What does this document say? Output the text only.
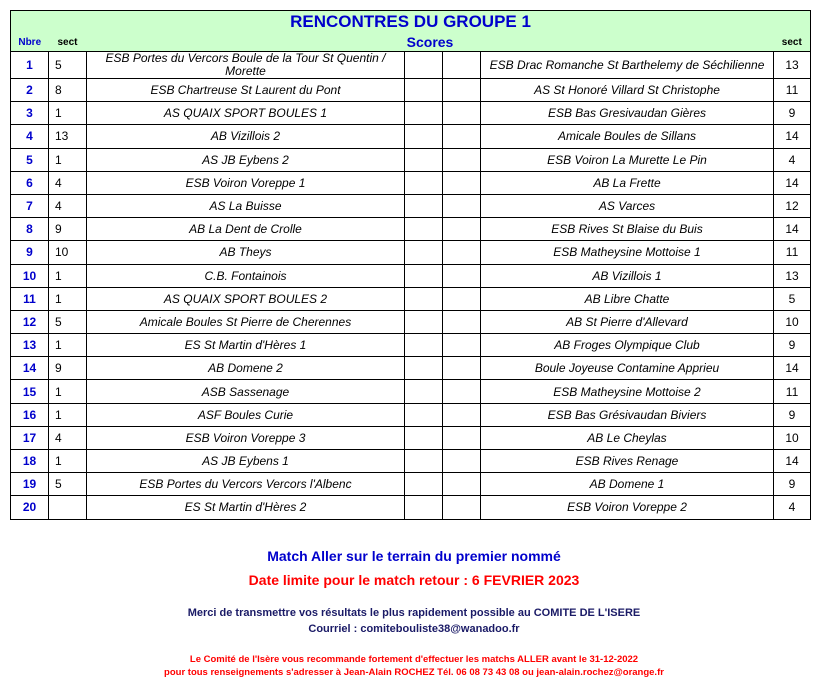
RENCONTRES DU GROUPE 1						
Nbre	sect	Scores				sect
1	5	ESB Portes du Vercors Boule de la Tour St Quentin / Morette			ESB Drac Romanche St Barthelemy de Séchilienne	13
2	8	ESB Chartreuse St Laurent du Pont			AS St Honoré Villard St Christophe	11
3	1	AS QUAIX SPORT BOULES 1			ESB Bas Gresivaudan Gières	9
4	13	AB Vizillois 2			Amicale Boules de Sillans	14
5	1	AS JB Eybens 2			ESB Voiron La Murette Le Pin	4
6	4	ESB Voiron Voreppe 1			AB La Frette	14
7	4	AS La Buisse			AS Varces	12
8	9	AB La Dent de Crolle			ESB Rives St Blaise du Buis	14
9	10	AB Theys			ESB Matheysine Mottoise 1	11
10	1	C.B. Fontainois			AB Vizillois 1	13
11	1	AS QUAIX SPORT BOULES 2			AB Libre Chatte	5
12	5	Amicale Boules St Pierre de Cherennes			AB St Pierre d'Allevard	10
13	1	ES St Martin d'Hères 1			AB Froges Olympique Club	9
14	9	AB Domene 2			Boule Joyeuse Contamine Apprieu	14
15	1	ASB Sassenage			ESB Matheysine Mottoise 2	11
16	1	ASF Boules Curie			ESB Bas Grésivaudan Biviers	9
17	4	ESB Voiron Voreppe 3			AB Le Cheylas	10
18	1	AS JB Eybens 1			ESB Rives Renage	14
19	5	ESB Portes du Vercors Vercors l'Albenc			AB Domene 1	9
20		ES St Martin d'Hères 2			ESB Voiron Voreppe 2	4
Match Aller sur le terrain du premier nommé
Date limite pour le match retour : 6 FEVRIER 2023
Merci de transmettre vos résultats le plus rapidement possible au COMITE DE L'ISERE
Courriel : comitebouliste38@wanadoo.fr
Le Comité de l'Isère vous recommande fortement d'effectuer les matchs ALLER avant le 31-12-2022
pour tous renseignements s'adresser à Jean-Alain ROCHEZ Tél. 06 08 73 43 08 ou jean-alain.rochez@orange.fr
